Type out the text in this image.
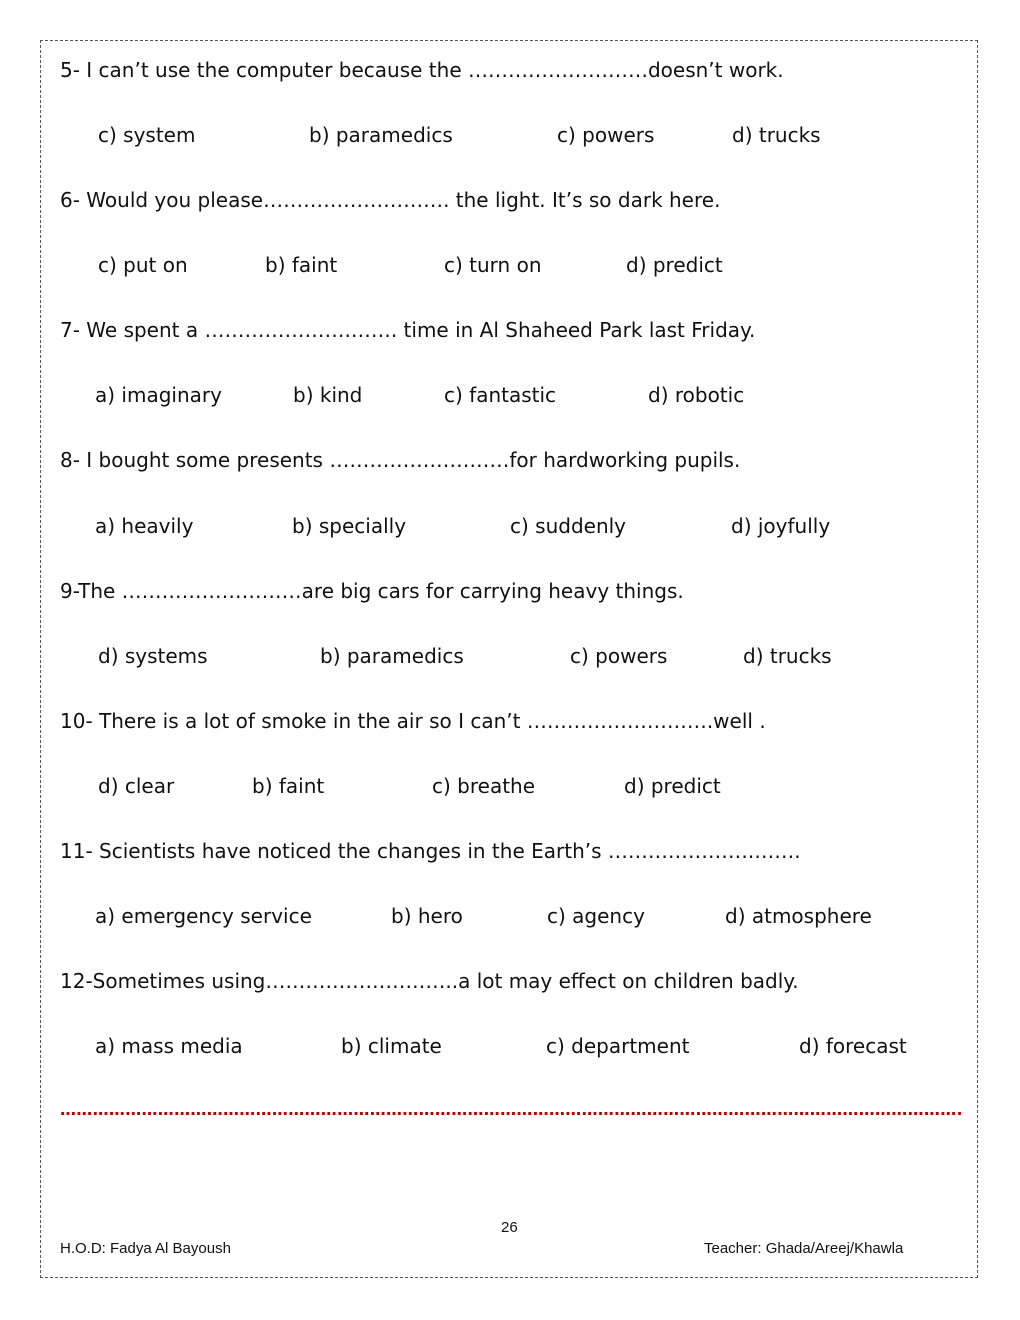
5- I can’t use the computer because the ………………………doesn’t work.
c) system	b) paramedics	c) powers	d) trucks
6- Would you please………………………. the light. It’s so dark here.
c) put on	b) faint	c) turn on	d) predict
7- We spent a ………………….……. time in Al Shaheed Park last Friday.
a) imaginary	b) kind	c) fantastic	d) robotic
8- I bought some presents ………………………for hardworking pupils.
a) heavily	b) specially	c) suddenly	d) joyfully
9-The ………………………are big cars for carrying heavy things.
d) systems	b) paramedics	c) powers	d) trucks
10- There is a lot of smoke in the air so I can’t ……………………….well .
d) clear	b) faint	c) breathe	d) predict
11- Scientists have noticed the changes in the Earth’s ………………….…….
a) emergency service	b) hero	c) agency	d) atmosphere
12-Sometimes using………………………..a lot may effect on children badly.
a) mass media	b) climate	c) department	d) forecast
………………………………………………………………………………………………………………………………………………….
26
H.O.D: Fadya Al Bayoush	Teacher: Ghada/Areej/Khawla
